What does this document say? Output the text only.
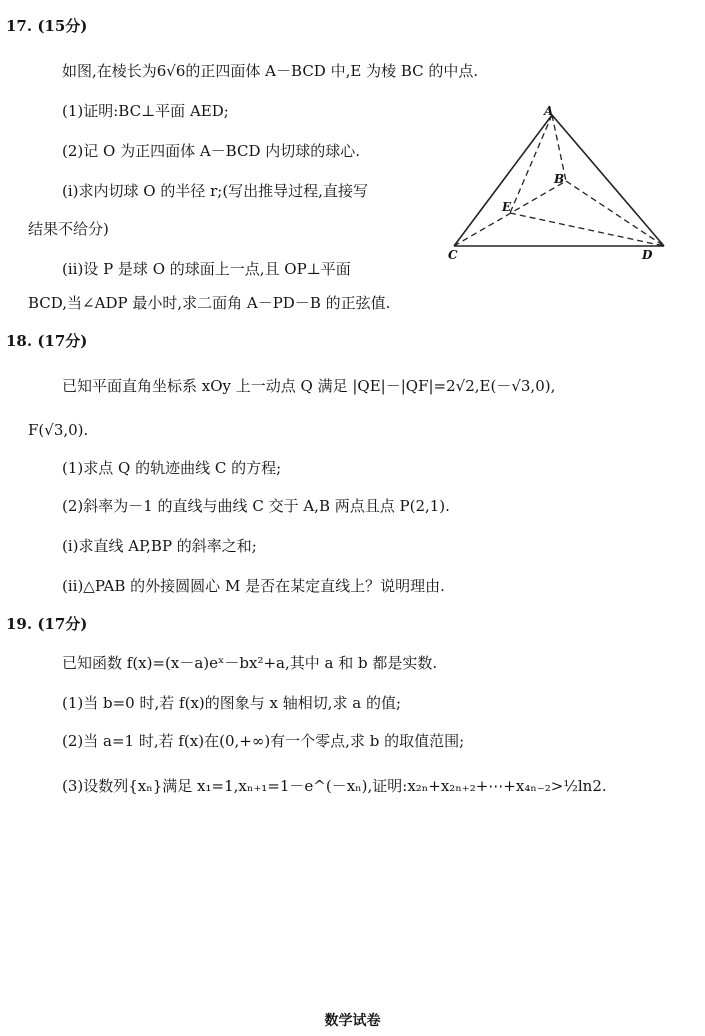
17. (15分)
如图,在棱长为6√6的正四面体 A－BCD 中,E 为棱 BC 的中点.
(1)证明:BC⊥平面 AED;
(2)记 O 为正四面体 A－BCD 内切球的球心.
(i)求内切球 O 的半径 r;(写出推导过程,直接写
结果不给分)
(ⅱ)设 P 是球 O 的球面上一点,且 OP⊥平面
BCD,当∠ADP 最小时,求二面角 A－PD－B 的正弦值.
A
B
C	D
E
18. (17分)
已知平面直角坐标系 xOy 上一动点 Q 满足 |QE|－|QF|=2√2,E(－√3,0),
F(√3,0).
(1)求点 Q 的轨迹曲线 C 的方程;
(2)斜率为－1 的直线与曲线 C 交于 A,B 两点且点 P(2,1).
(i)求直线 AP,BP 的斜率之和;
(ⅱ)△PAB 的外接圆圆心 M 是否在某定直线上？说明理由.
19. (17分)
已知函数 f(x)=(x－a)eˣ－bx²+a,其中 a 和 b 都是实数.
(1)当 b=0 时,若 f(x)的图象与 x 轴相切,求 a 的值;
(2)当 a=1 时,若 f(x)在(0,+∞)有一个零点,求 b 的取值范围;
(3)设数列{xₙ}满足 x₁=1,xₙ₊₁=1－e^(－xₙ),证明:x₂ₙ+x₂ₙ₊₂+⋯+x₄ₙ₋₂>½ln2.
数学试卷
